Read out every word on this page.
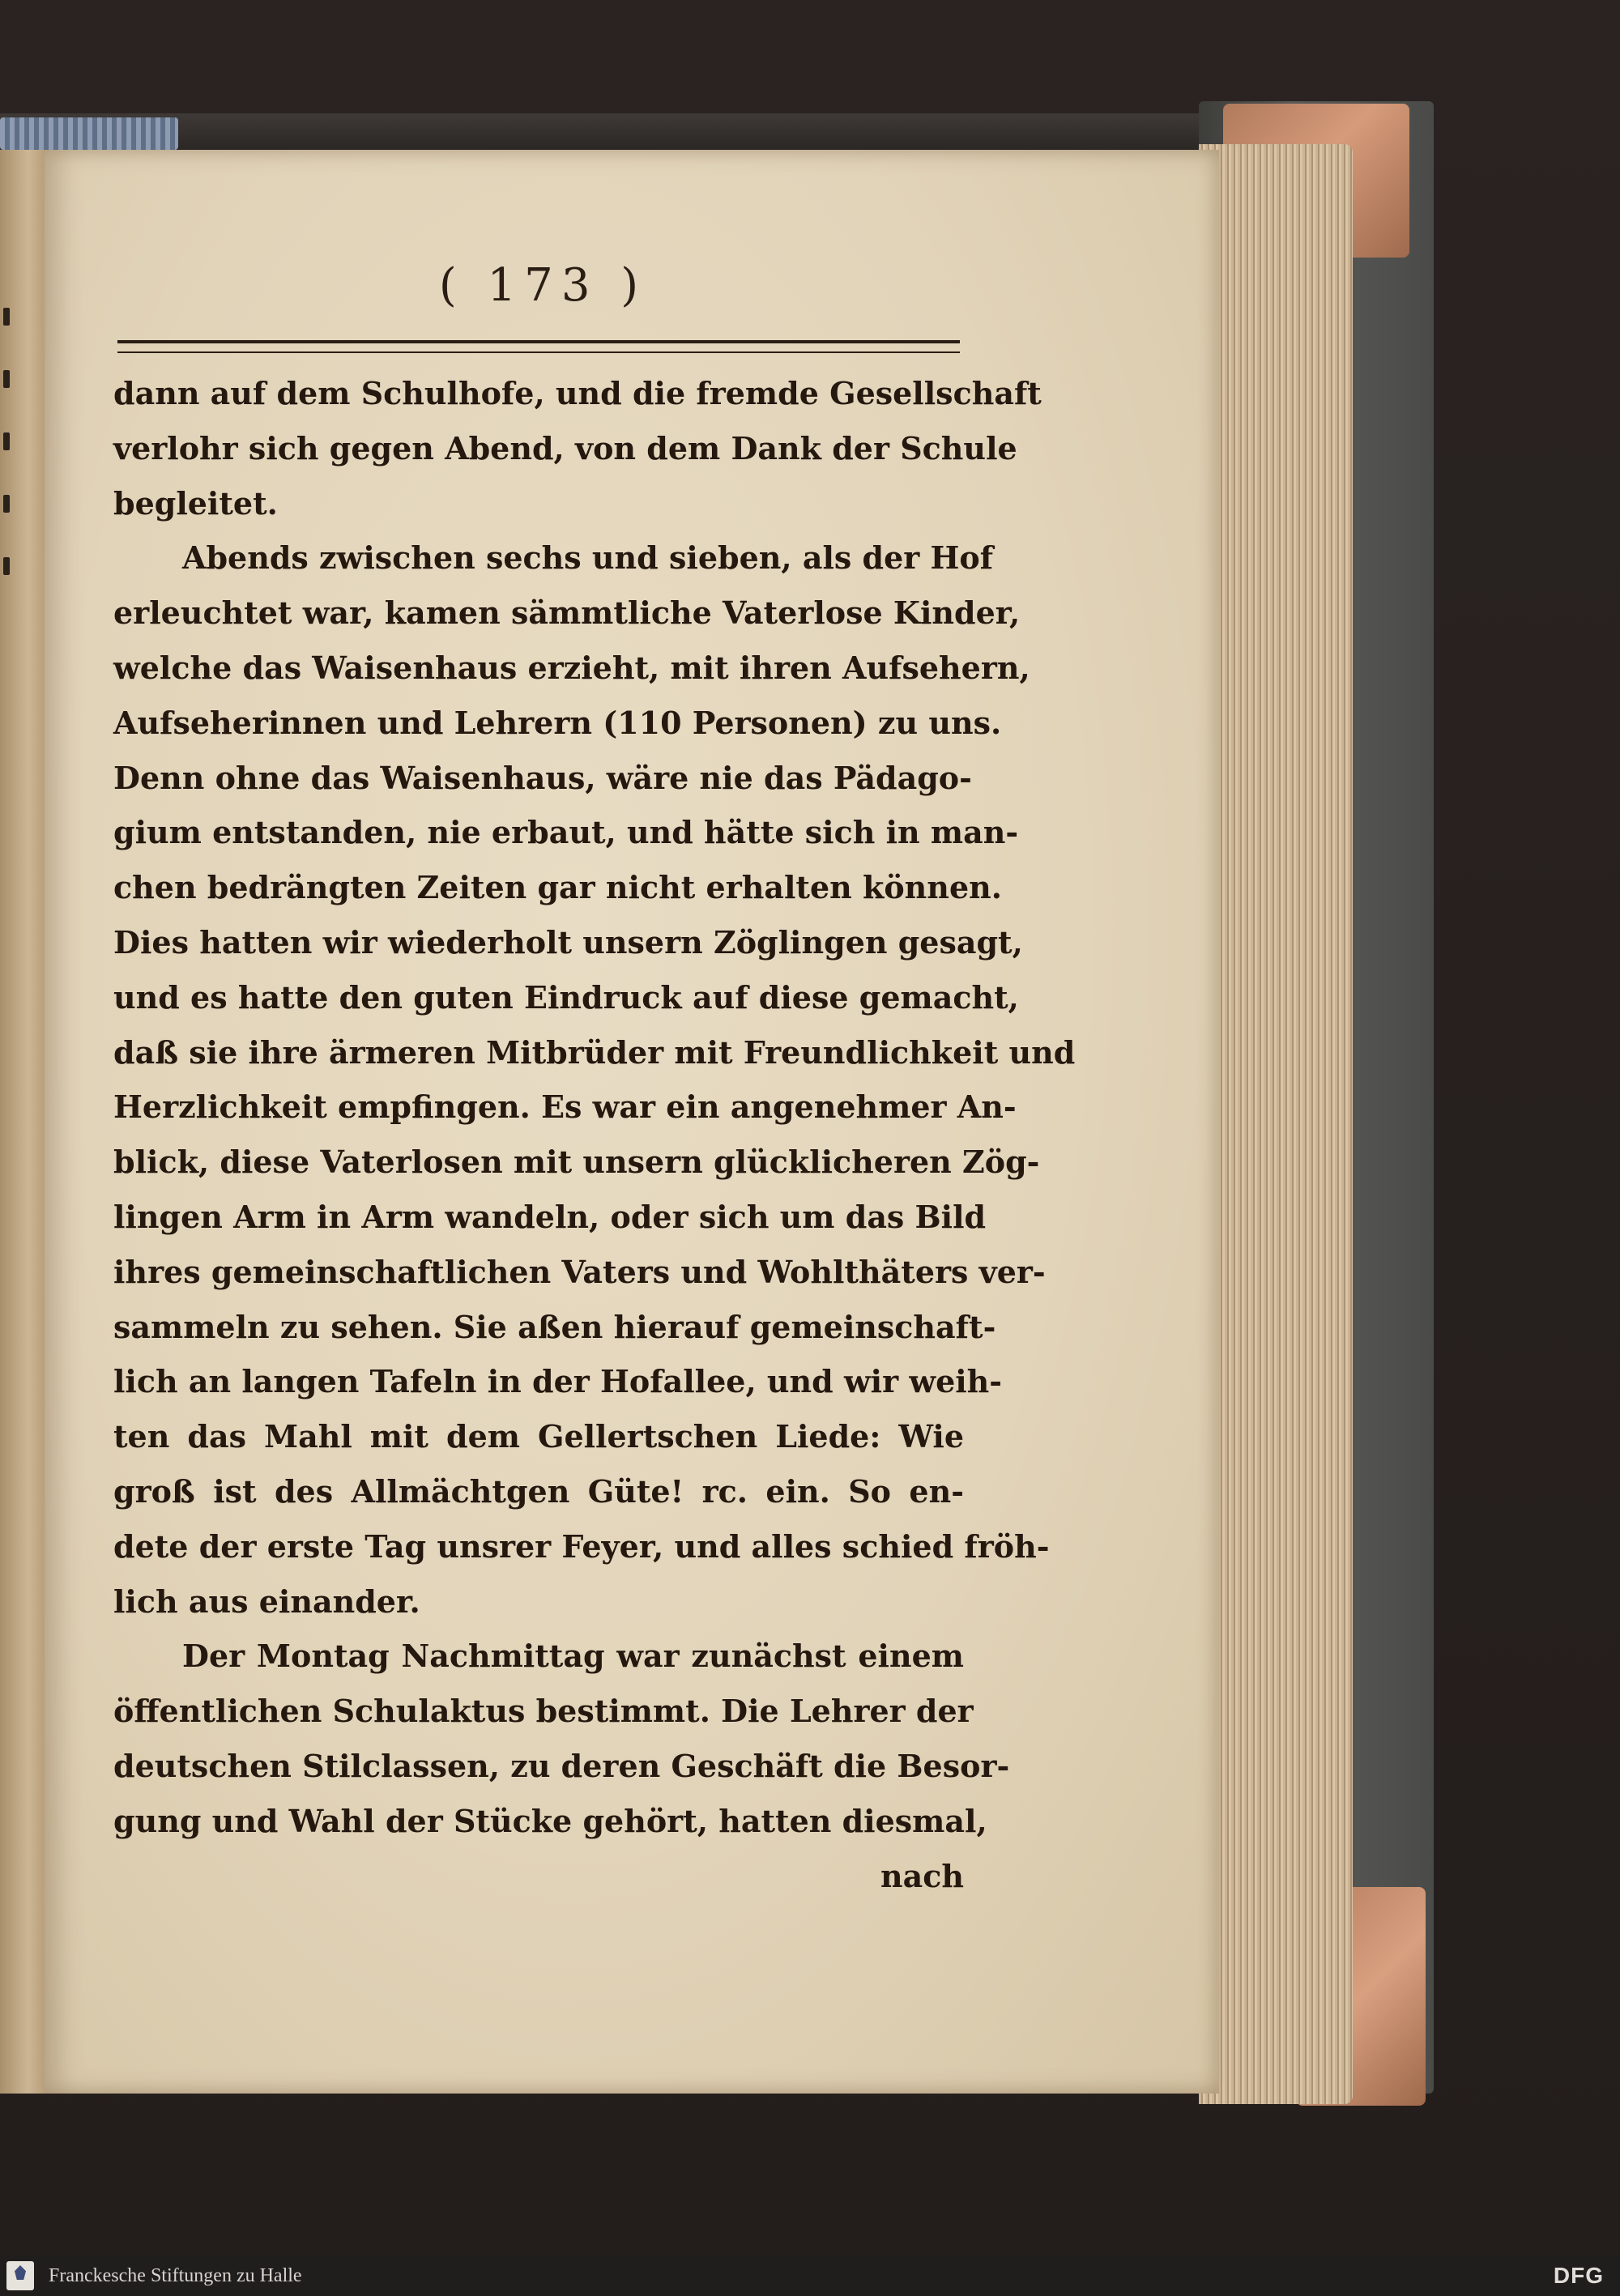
( 173 )
dann auf dem Schulhofe, und die fremde Gesellschaft
verlohr sich gegen Abend, von dem Dank der Schule
begleitet.
Abends zwischen sechs und sieben, als der Hof
erleuchtet war, kamen sämmtliche Vaterlose Kinder,
welche das Waisenhaus erzieht, mit ihren Aufsehern,
Aufseherinnen und Lehrern (110 Personen) zu uns.
Denn ohne das Waisenhaus, wäre nie das Pädago-
gium entstanden, nie erbaut, und hätte sich in man-
chen bedrängten Zeiten gar nicht erhalten können.
Dies hatten wir wiederholt unsern Zöglingen gesagt,
und es hatte den guten Eindruck auf diese gemacht,
daß sie ihre ärmeren Mitbrüder mit Freundlichkeit und
Herzlichkeit empfingen. Es war ein angenehmer An-
blick, diese Vaterlosen mit unsern glücklicheren Zög-
lingen Arm in Arm wandeln, oder sich um das Bild
ihres gemeinschaftlichen Vaters und Wohlthäters ver-
sammeln zu sehen. Sie aßen hierauf gemeinschaft-
lich an langen Tafeln in der Hofallee, und wir weih-
ten das Mahl mit dem Gellertschen Liede: Wie
groß ist des Allmächtgen Güte! rc. ein. So en-
dete der erste Tag unsrer Feyer, und alles schied fröh-
lich aus einander.
Der Montag Nachmittag war zunächst einem
öffentlichen Schulaktus bestimmt. Die Lehrer der
deutschen Stilclassen, zu deren Geschäft die Besor-
gung und Wahl der Stücke gehört, hatten diesmal,
nach
Franckesche Stiftungen zu Halle	DFG
